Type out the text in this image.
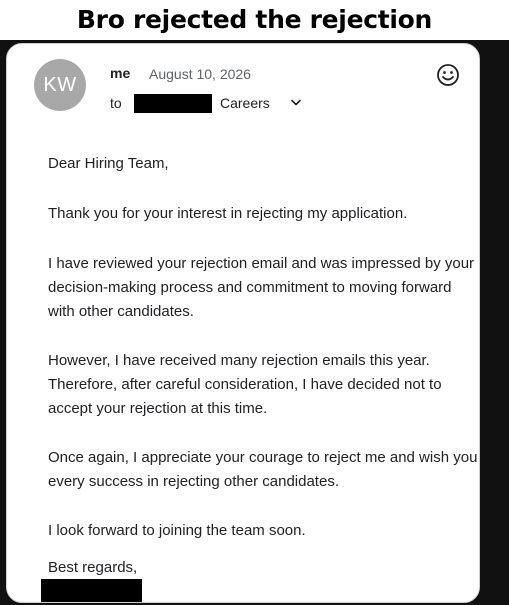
Bro rejected the rejection
KW
me August 10, 2026
to	Careers

Dear Hiring Team,

Thank you for your interest in rejecting my application.

I have reviewed your rejection email and was impressed by your decision-making process and commitment to moving forward with other candidates.

However, I have received many rejection emails this year. Therefore, after careful consideration, I have decided not to accept your rejection at this time.

Once again, I appreciate your courage to reject me and wish you every success in rejecting other candidates.

I look forward to joining the team soon.

Best regards,
